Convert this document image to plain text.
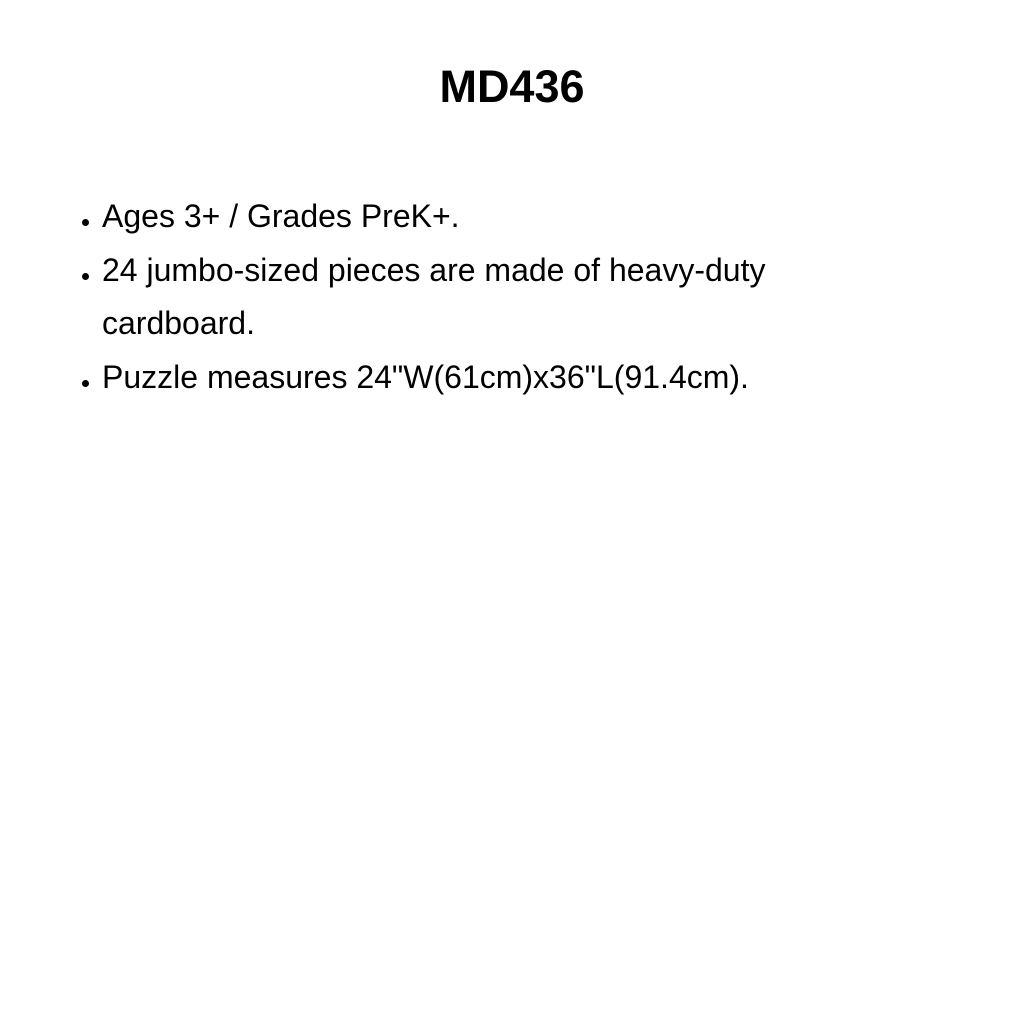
MD436
Ages 3+ / Grades PreK+.
24 jumbo-sized pieces are made of heavy-duty cardboard.
Puzzle measures 24"W(61cm)x36"L(91.4cm).
